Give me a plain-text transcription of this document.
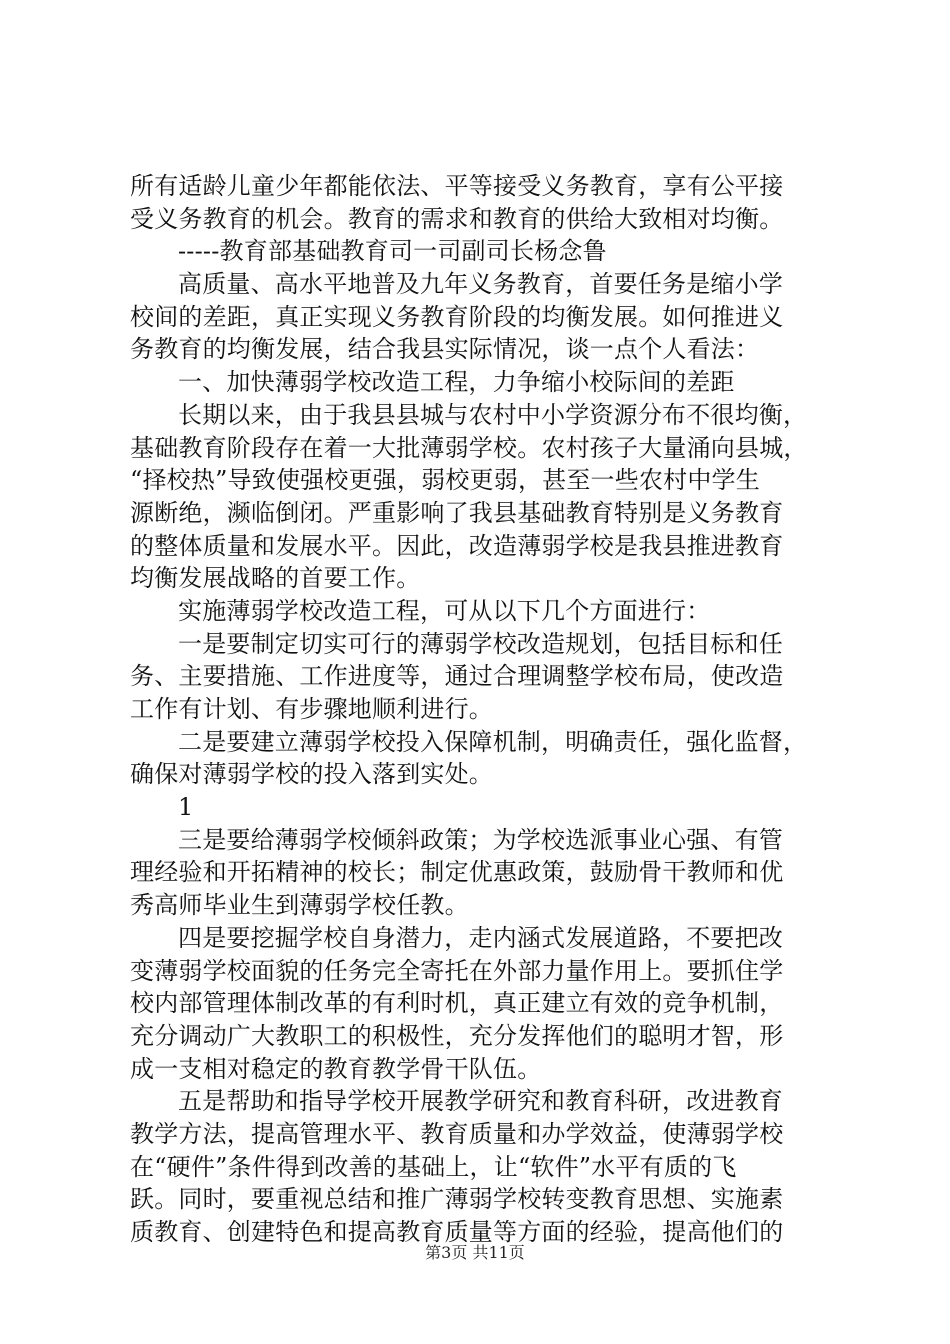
所有适龄儿童少年都能依法、平等接受义务教育，享有公平接
受义务教育的机会。教育的需求和教育的供给大致相对均衡。
-----教育部基础教育司一司副司长杨念鲁
高质量、高水平地普及九年义务教育，首要任务是缩小学
校间的差距，真正实现义务教育阶段的均衡发展。如何推进义
务教育的均衡发展，结合我县实际情况，谈一点个人看法：
一、加快薄弱学校改造工程，力争缩小校际间的差距
长期以来，由于我县县城与农村中小学资源分布不很均衡，
基础教育阶段存在着一大批薄弱学校。农村孩子大量涌向县城，
“择校热”导致使强校更强，弱校更弱，甚至一些农村中学生
源断绝，濒临倒闭。严重影响了我县基础教育特别是义务教育
的整体质量和发展水平。因此，改造薄弱学校是我县推进教育
均衡发展战略的首要工作。
实施薄弱学校改造工程，可从以下几个方面进行：
一是要制定切实可行的薄弱学校改造规划，包括目标和任
务、主要措施、工作进度等，通过合理调整学校布局，使改造
工作有计划、有步骤地顺利进行。
二是要建立薄弱学校投入保障机制，明确责任，强化监督，
确保对薄弱学校的投入落到实处。
1
三是要给薄弱学校倾斜政策；为学校选派事业心强、有管
理经验和开拓精神的校长；制定优惠政策，鼓励骨干教师和优
秀高师毕业生到薄弱学校任教。
四是要挖掘学校自身潜力，走内涵式发展道路，不要把改
变薄弱学校面貌的任务完全寄托在外部力量作用上。要抓住学
校内部管理体制改革的有利时机，真正建立有效的竞争机制，
充分调动广大教职工的积极性，充分发挥他们的聪明才智，形
成一支相对稳定的教育教学骨干队伍。
五是帮助和指导学校开展教学研究和教育科研，改进教育
教学方法，提高管理水平、教育质量和办学效益，使薄弱学校
在“硬件”条件得到改善的基础上，让“软件”水平有质的飞
跃。同时，要重视总结和推广薄弱学校转变教育思想、实施素
质教育、创建特色和提高教育质量等方面的经验，提高他们的
第3页 共11页
